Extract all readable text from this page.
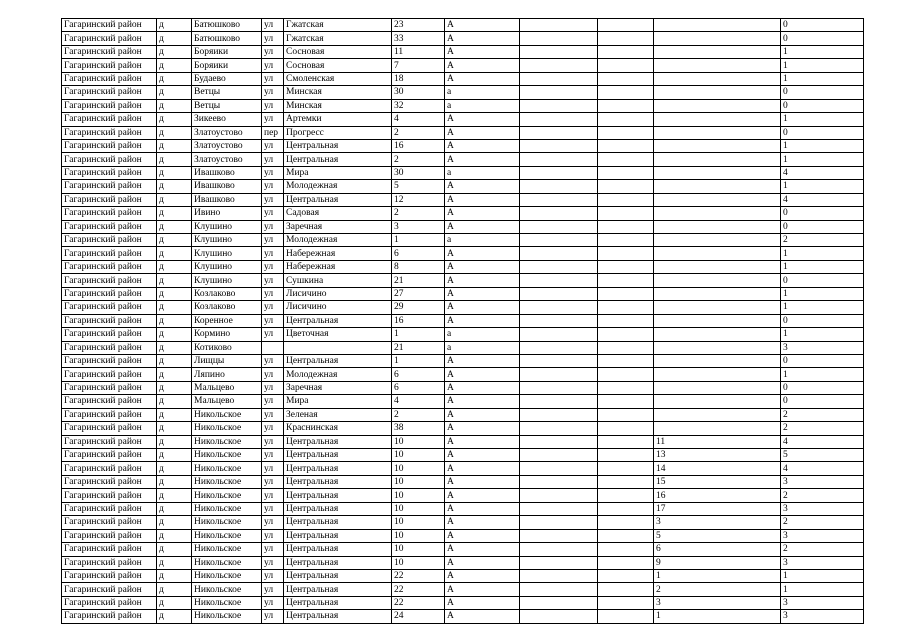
Гагаринский район	д	Батюшково	ул	Гжатская	23	А				0
Гагаринский район	д	Батюшково	ул	Гжатская	33	А				0
Гагаринский район	д	Боряики	ул	Сосновая	11	А				1
Гагаринский район	д	Боряики	ул	Сосновая	7	А				1
Гагаринский район	д	Будаево	ул	Смоленская	18	А				1
Гагаринский район	д	Ветцы	ул	Минская	30	а				0
Гагаринский район	д	Ветцы	ул	Минская	32	а				0
Гагаринский район	д	Зикеево	ул	Артемки	4	А				1
Гагаринский район	д	Златоустово	пер	Прогресс	2	А				0
Гагаринский район	д	Златоустово	ул	Центральная	16	А				1
Гагаринский район	д	Златоустово	ул	Центральная	2	А				1
Гагаринский район	д	Ивашково	ул	Мира	30	а				4
Гагаринский район	д	Ивашково	ул	Молодежная	5	А				1
Гагаринский район	д	Ивашково	ул	Центральная	12	А				4
Гагаринский район	д	Ивино	ул	Садовая	2	А				0
Гагаринский район	д	Клушино	ул	Заречная	3	А				0
Гагаринский район	д	Клушино	ул	Молодежная	1	а				2
Гагаринский район	д	Клушино	ул	Набережная	6	А				1
Гагаринский район	д	Клушино	ул	Набережная	8	А				1
Гагаринский район	д	Клушино	ул	Сушкина	21	А				0
Гагаринский район	д	Козлаково	ул	Лисичино	27	А				1
Гагаринский район	д	Козлаково	ул	Лисичино	29	А				1
Гагаринский район	д	Коренное	ул	Центральная	16	А				0
Гагаринский район	д	Кормино	ул	Цветочная	1	а				1
Гагаринский район	д	Котиково			21	а				3
Гагаринский район	д	Лищцы	ул	Центральная	1	А				0
Гагаринский район	д	Ляпино	ул	Молодежная	6	А				1
Гагаринский район	д	Мальцево	ул	Заречная	6	А				0
Гагаринский район	д	Мальцево	ул	Мира	4	А				0
Гагаринский район	д	Никольское	ул	Зеленая	2	А				2
Гагаринский район	д	Никольское	ул	Краснинская	38	А				2
Гагаринский район	д	Никольское	ул	Центральная	10	А			11	4
Гагаринский район	д	Никольское	ул	Центральная	10	А			13	5
Гагаринский район	д	Никольское	ул	Центральная	10	А			14	4
Гагаринский район	д	Никольское	ул	Центральная	10	А			15	3
Гагаринский район	д	Никольское	ул	Центральная	10	А			16	2
Гагаринский район	д	Никольское	ул	Центральная	10	А			17	3
Гагаринский район	д	Никольское	ул	Центральная	10	А			3	2
Гагаринский район	д	Никольское	ул	Центральная	10	А			5	3
Гагаринский район	д	Никольское	ул	Центральная	10	А			6	2
Гагаринский район	д	Никольское	ул	Центральная	10	А			9	3
Гагаринский район	д	Никольское	ул	Центральная	22	А			1	1
Гагаринский район	д	Никольское	ул	Центральная	22	А			2	1
Гагаринский район	д	Никольское	ул	Центральная	22	А			3	3
Гагаринский район	д	Никольское	ул	Центральная	24	А			1	3
